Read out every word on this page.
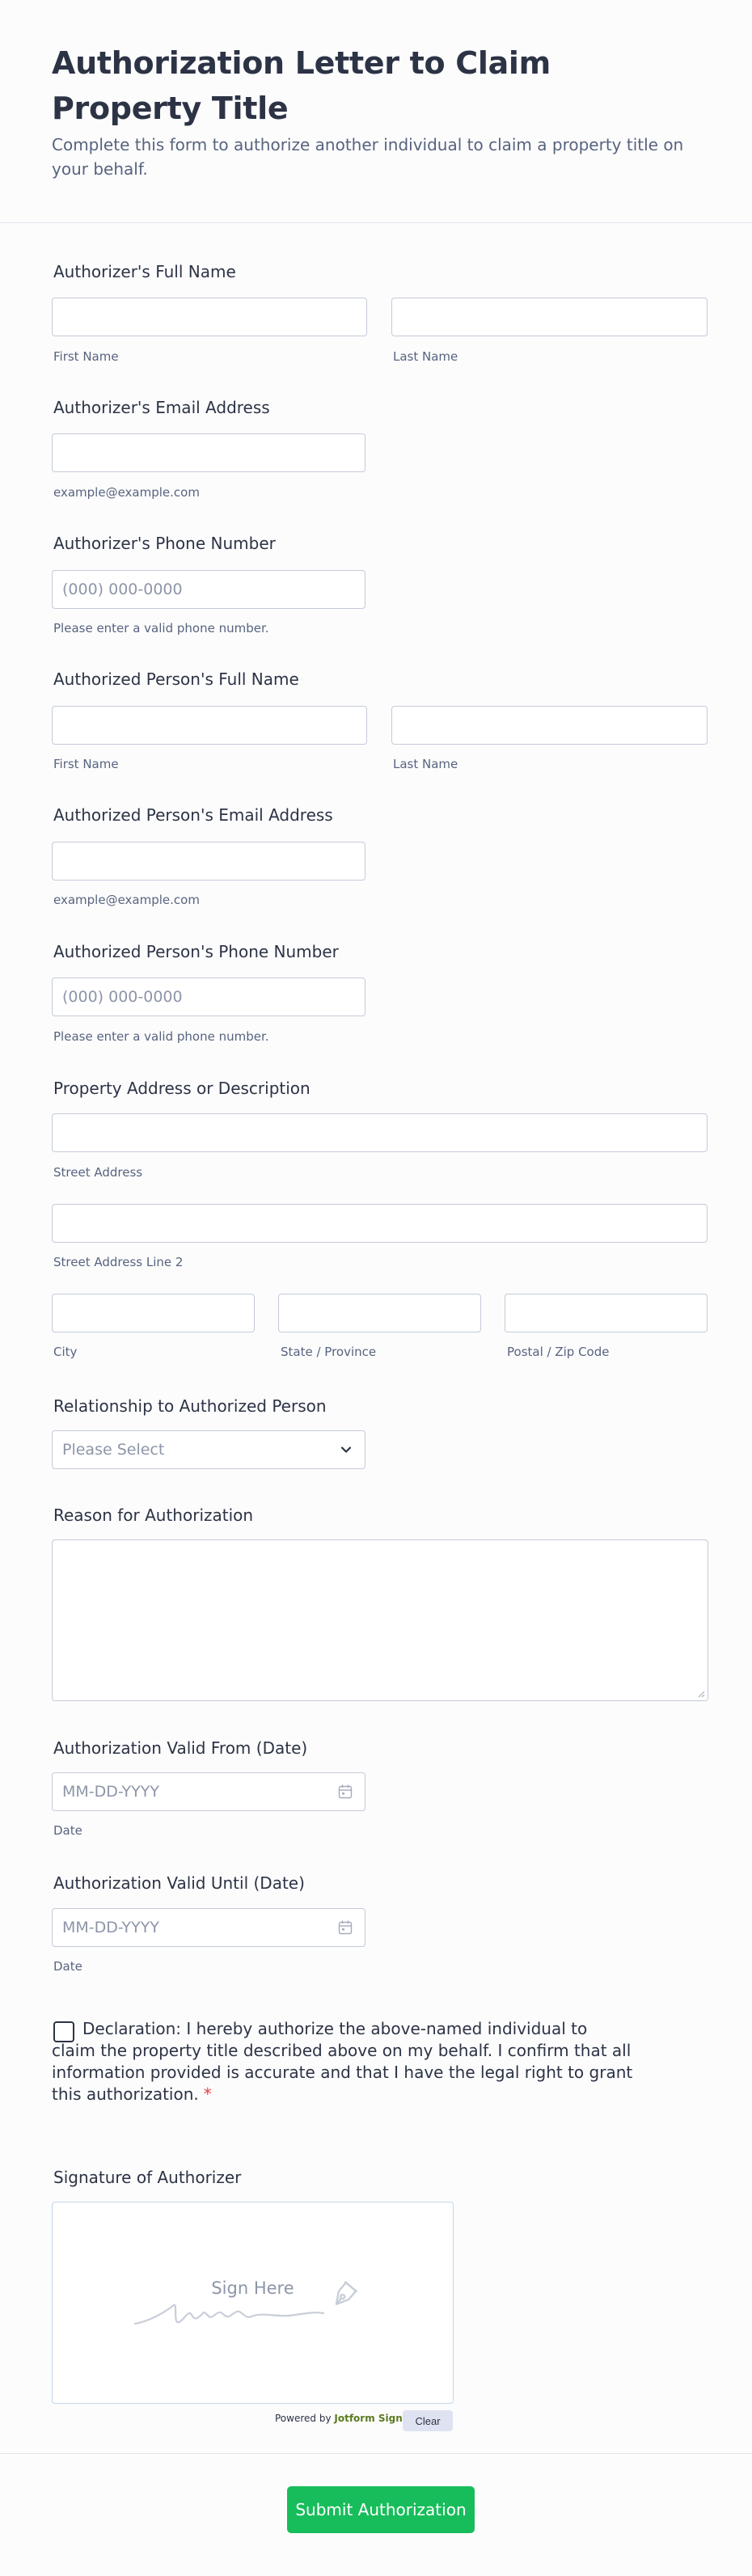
Authorization Letter to Claim Property Title
Complete this form to authorize another individual to claim a property title on your behalf.
Authorizer's Full Name
First Name	Last Name
Authorizer's Email Address
example@example.com
Authorizer's Phone Number
(000) 000-0000
Please enter a valid phone number.
Authorized Person's Full Name
First Name	Last Name
Authorized Person's Email Address
example@example.com
Authorized Person's Phone Number
(000) 000-0000
Please enter a valid phone number.
Property Address or Description
Street Address
Street Address Line 2
City	State / Province	Postal / Zip Code
Relationship to Authorized Person
Please Select
Reason for Authorization
Authorization Valid From (Date)
MM-DD-YYYY
Date
Authorization Valid Until (Date)
MM-DD-YYYY
Date
Declaration: I hereby authorize the above-named individual to claim the property title described above on my behalf. I confirm that all information provided is accurate and that I have the legal right to grant this authorization. *
Signature of Authorizer
Sign Here
Powered by Jotform Sign	Clear
Submit Authorization
